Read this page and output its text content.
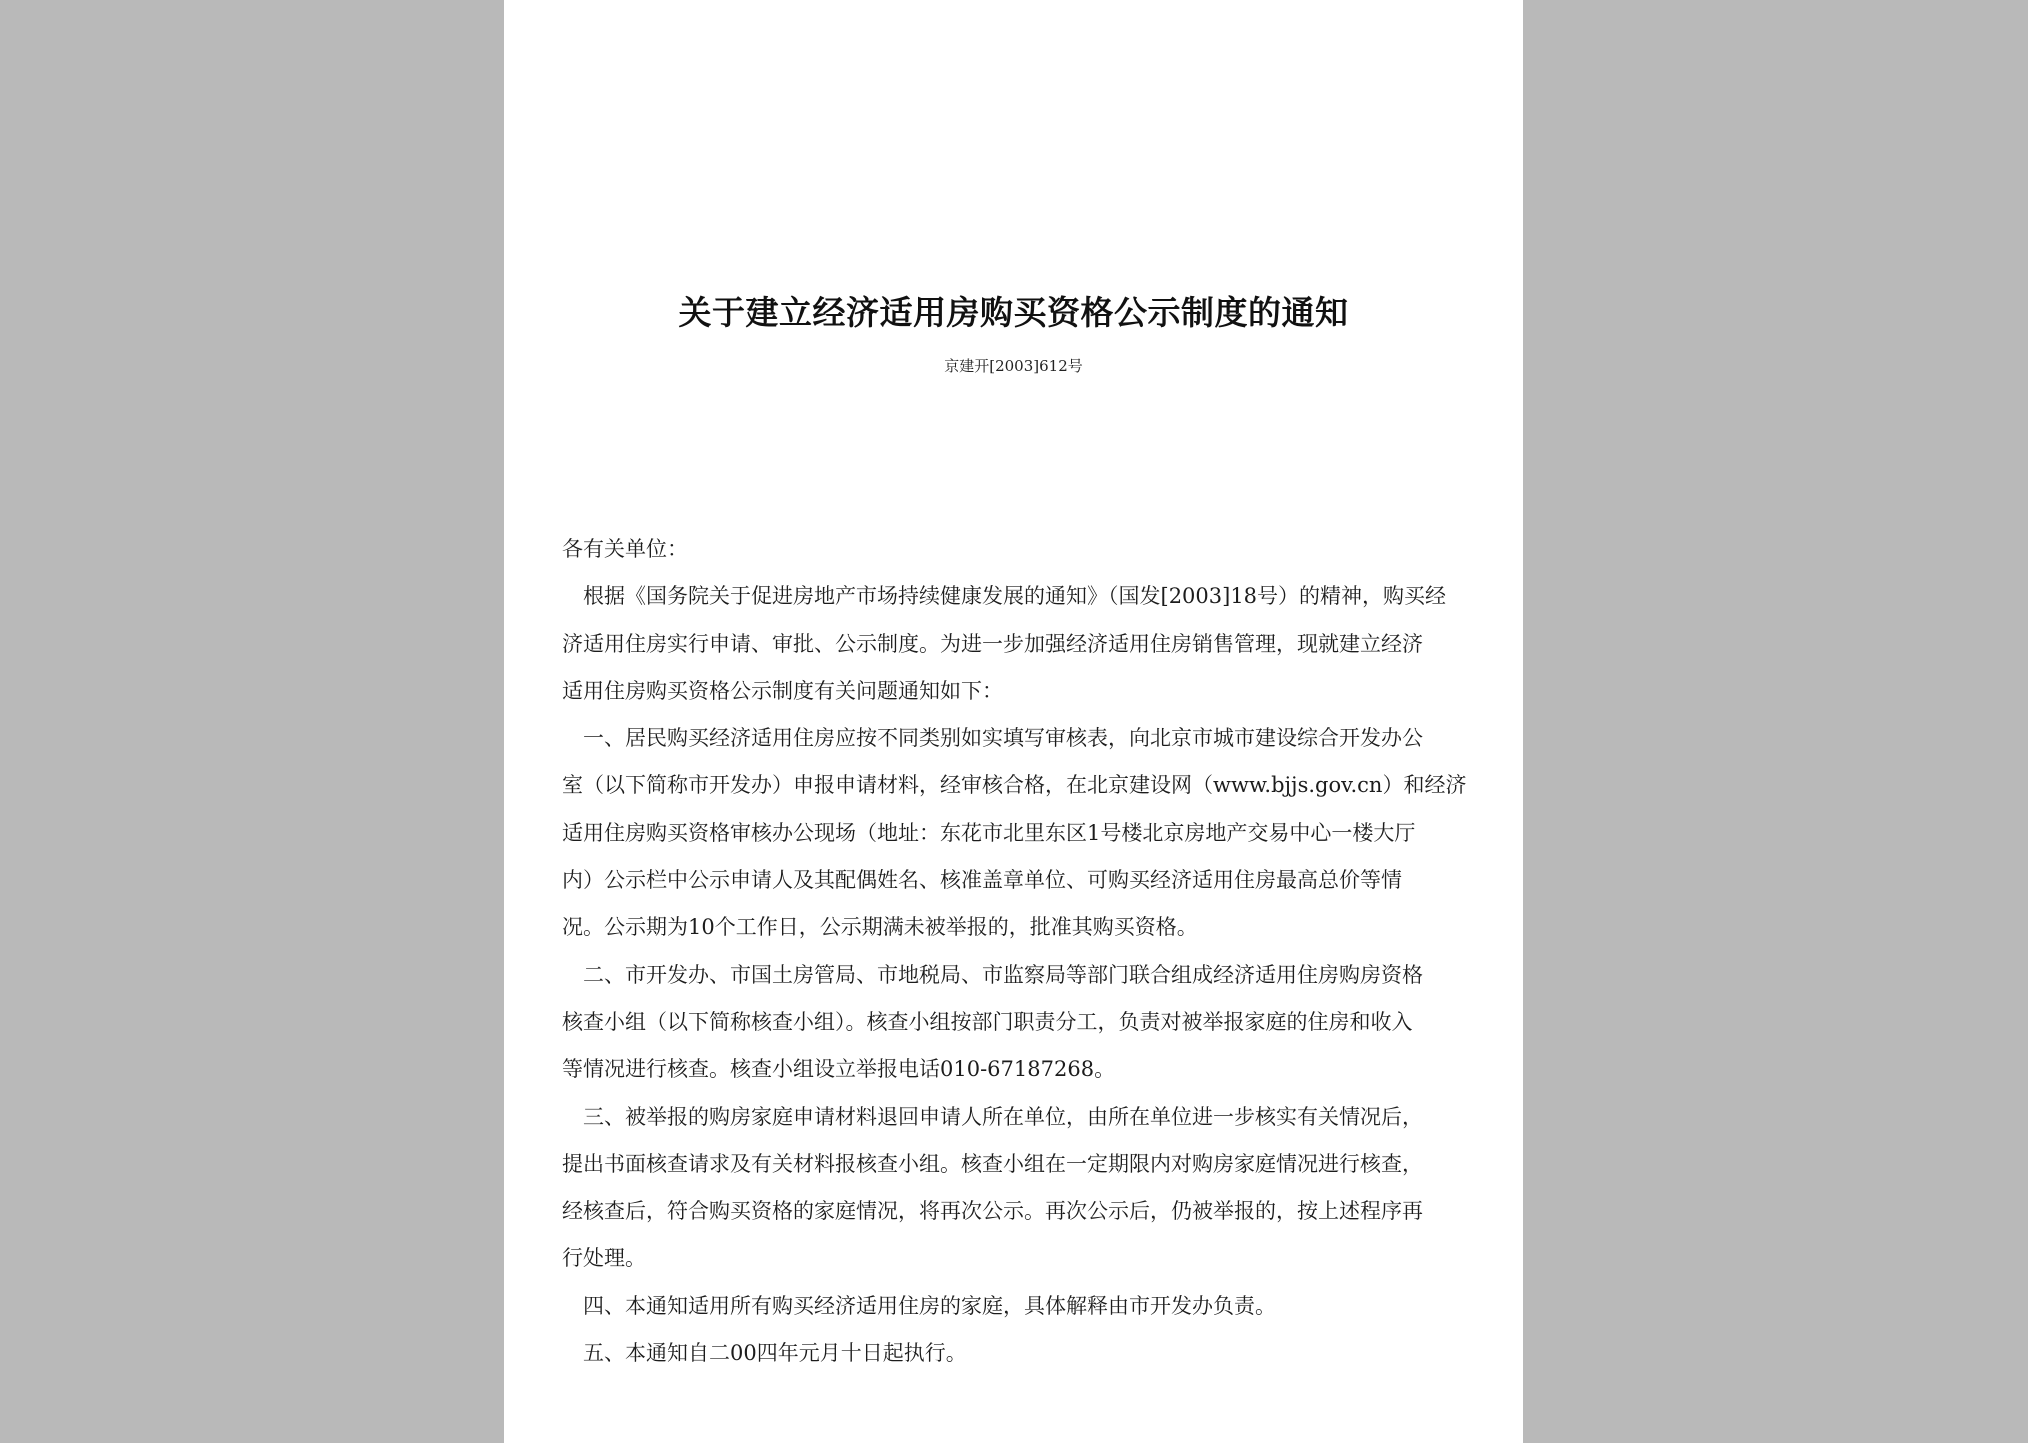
关于建立经济适用房购买资格公示制度的通知
京建开[2003]612号
各有关单位：
根据《国务院关于促进房地产市场持续健康发展的通知》（国发[2003]18号）的精神，购买经
济适用住房实行申请、审批、公示制度。为进一步加强经济适用住房销售管理，现就建立经济
适用住房购买资格公示制度有关问题通知如下：
一、居民购买经济适用住房应按不同类别如实填写审核表，向北京市城市建设综合开发办公
室（以下简称市开发办）申报申请材料，经审核合格，在北京建设网（www.bjjs.gov.cn）和经济
适用住房购买资格审核办公现场（地址：东花市北里东区1号楼北京房地产交易中心一楼大厅
内）公示栏中公示申请人及其配偶姓名、核准盖章单位、可购买经济适用住房最高总价等情
况。公示期为10个工作日，公示期满未被举报的，批准其购买资格。
二、市开发办、市国土房管局、市地税局、市监察局等部门联合组成经济适用住房购房资格
核查小组（以下简称核查小组）。核查小组按部门职责分工，负责对被举报家庭的住房和收入
等情况进行核查。核查小组设立举报电话010-67187268。
三、被举报的购房家庭申请材料退回申请人所在单位，由所在单位进一步核实有关情况后，
提出书面核查请求及有关材料报核查小组。核查小组在一定期限内对购房家庭情况进行核查，
经核查后，符合购买资格的家庭情况，将再次公示。再次公示后，仍被举报的，按上述程序再
行处理。
四、本通知适用所有购买经济适用住房的家庭，具体解释由市开发办负责。
五、本通知自二00四年元月十日起执行。
